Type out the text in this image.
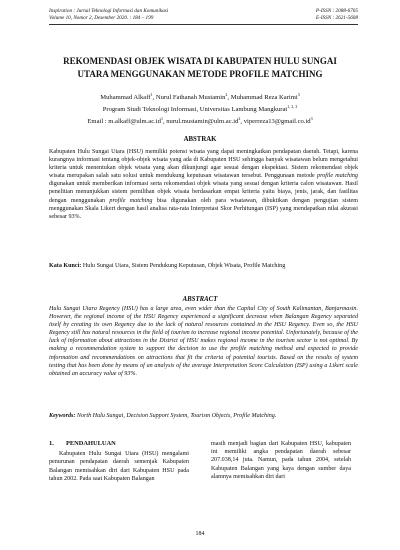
Inspiration : Jurnal Teknologi Informasi dan Komunikasi	P-ISSN : 2088-6705
Volume 10, Nomor 2, Desember 2020. : 184 – 199	E-ISSN : 2621-5608
REKOMENDASI OBJEK WISATA DI KABUPATEN HULU SUNGAI
UTARA MENGGUNAKAN METODE PROFILE MATCHING
Muhammad Alkaff$^1$, Nurul Fathanah Mustamin$^2$, Muhammad Reza Karimi$^3$
Program Studi Teknologi Informasi, Universitas Lambung Mangkurat$^{1, 2, 3}$
Email : $m.alkaff@ulm.ac.id^1$, $nurul.mustamin@ulm.ac.id^2$, $viperreza13@gmail.co.id^3$
ABSTRAK
Kabupaten Hulu Sungai Utara (HSU) memiliki potensi wisata yang dapat meningkatkan pendapatan daerah. Tetapi, karena kurangnya informasi tentang objek-objek wisata yang ada di Kabupaten HSU sehingga banyak wisatawan belum mengetahui kriteria untuk menentukan objek wisata yang akan dikunjungi agar sesuai dengan ekspektasi. Sistem rekomendasi objek wisata merupakan salah satu solusi untuk mendukung keputusan wisatawan tersebut. Penggunaan metode profile matching digunakan untuk memberikan informasi serta rekomendasi objek wisata yang sesuai dengan kriteria calon wisatawan. Hasil penelitian menunjukkan sistem pemilihan objek wisata berdasarkan empat kriteria yaitu biaya, jenis, jarak, dan fasilitas dengan menggunakan profile matching bisa digunakan oleh para wisatawan, dibuktikan dengan pengujian sistem menggunakan Skala Likert dengan hasil analisa rata-rata Interpretasi Skor Perhitungan (ISP) yang mendapatkan nilai akurasi sebesar 93%.
Kata Kunci: Hulu Sungai Utara, Sistem Pendukung Keputusan, Objek Wisata, Profile Matching
ABSTRACT
Hulu Sungai Utara Regency (HSU) has a large area, even wider than the Capital City of South Kalimantan, Banjarmasin. However, the regional income of the HSU Regency experienced a significant decrease when Balangan Regency separated itself by creating its own Regency due to the lack of natural resources contained in the HSU Regency. Even so, the HSU Regency still has natural resources in the field of tourism to increase regional income potential. Unfortunately, because of the lack of information about attractions in the District of HSU makes regional income in the tourism sector is not optimal. By making a recommendation system to support the decision to use the profile matching method and expected to provide information and recommendations on attractions that fit the criteria of potential tourists. Based on the results of system testing that has been done by means of an analysis of the average Interpretation Score Calculation (ISP) using a Likert scale obtained an accuracy value of 93%.
Keywords: North Hulu Sungai, Decision Support System, Tourism Objects, Profile Matching.
1. PENDAHULUAN

Kabupaten Hulu Sungai Utara (HSU) mengalami penurunan pendapatan daerah semenjak Kabupaten Balangan memisahkan diri dari Kabupaten HSU pada tahun 2002. Pada saat Kabupaten Balangan

masih menjadi bagian dari Kabupaten HSU, kabupaten ini memiliki angka pendapatan daerah sebesar 207.038,14 juta. Namun, pada tahun 2004, setelah Kabupaten Balangan yang kaya dengan sumber daya alamnya memisahkan diri dari

184
